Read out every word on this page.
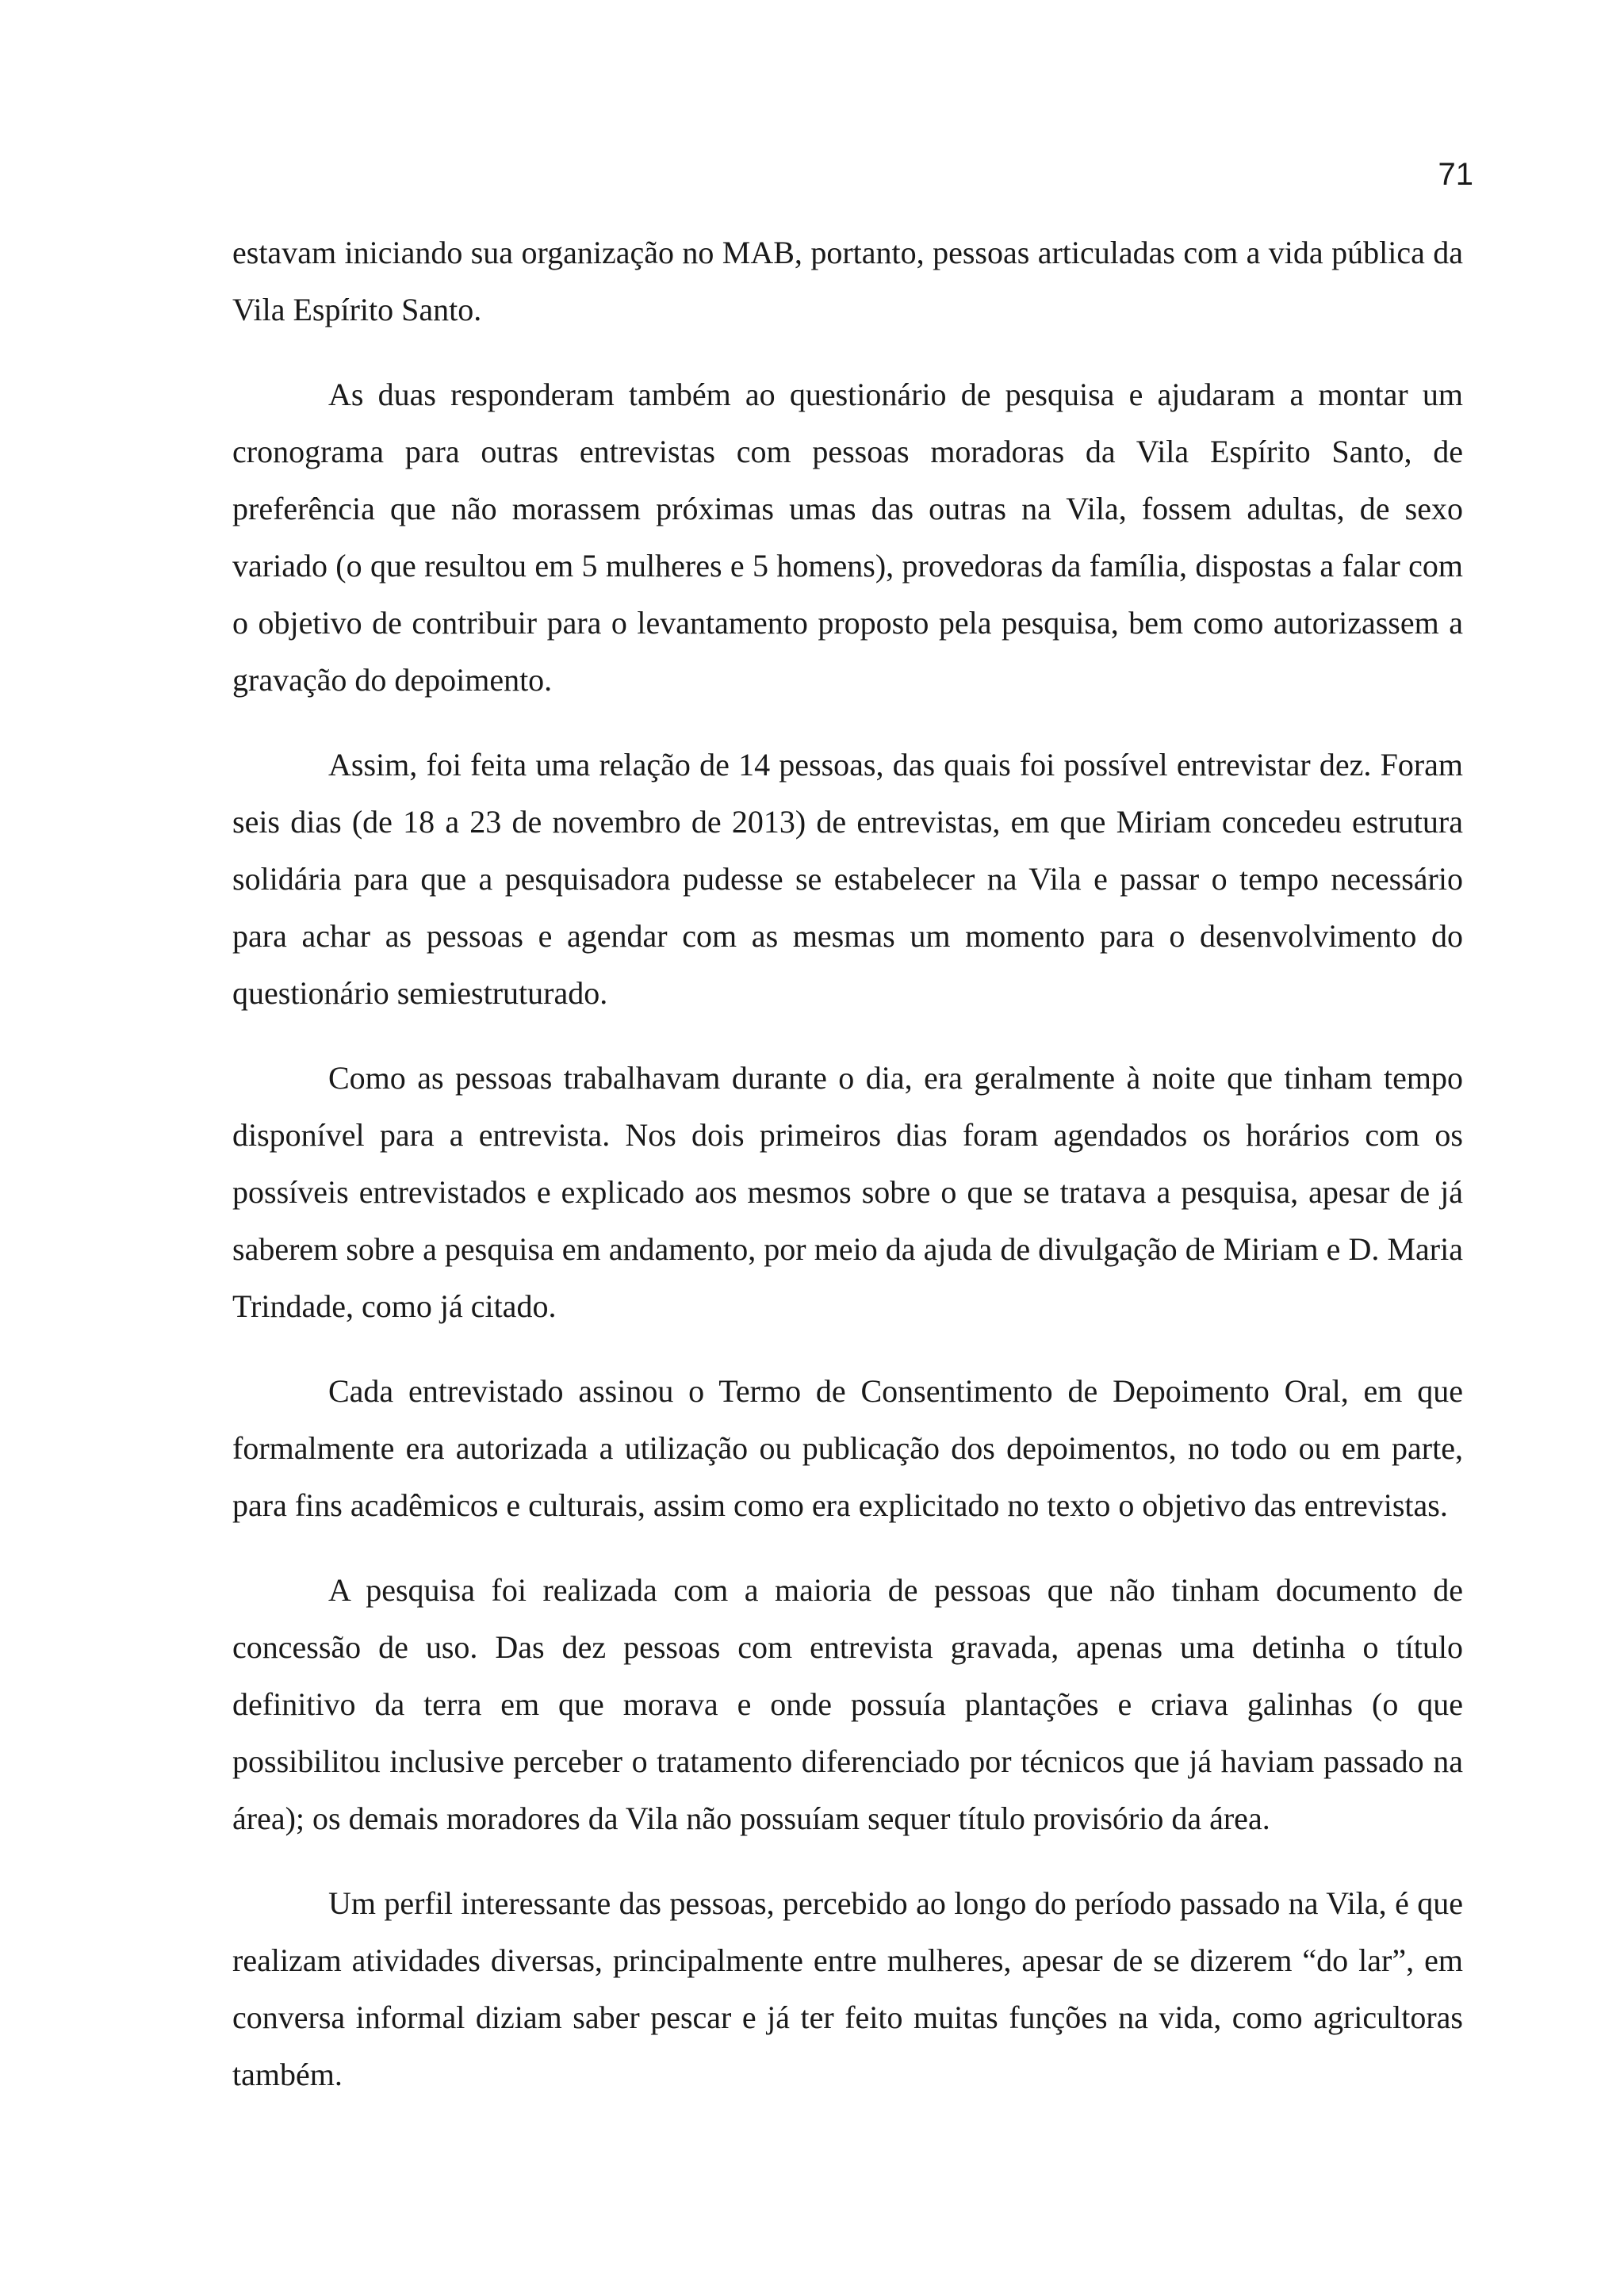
71

estavam iniciando sua organização no MAB, portanto, pessoas articuladas com a vida pública da Vila Espírito Santo.

As duas responderam também ao questionário de pesquisa e ajudaram a montar um cronograma para outras entrevistas com pessoas moradoras da Vila Espírito Santo, de preferência que não morassem próximas umas das outras na Vila, fossem adultas, de sexo variado (o que resultou em 5 mulheres e 5 homens), provedoras da família, dispostas a falar com o objetivo de contribuir para o levantamento proposto pela pesquisa, bem como autorizassem a gravação do depoimento.

Assim, foi feita uma relação de 14 pessoas, das quais foi possível entrevistar dez. Foram seis dias (de 18 a 23 de novembro de 2013) de entrevistas, em que Miriam concedeu estrutura solidária para que a pesquisadora pudesse se estabelecer na Vila e passar o tempo necessário para achar as pessoas e agendar com as mesmas um momento para o desenvolvimento do questionário semiestruturado.

Como as pessoas trabalhavam durante o dia, era geralmente à noite que tinham tempo disponível para a entrevista. Nos dois primeiros dias foram agendados os horários com os possíveis entrevistados e explicado aos mesmos sobre o que se tratava a pesquisa, apesar de já saberem sobre a pesquisa em andamento, por meio da ajuda de divulgação de Miriam e D. Maria Trindade, como já citado.

Cada entrevistado assinou o Termo de Consentimento de Depoimento Oral, em que formalmente era autorizada a utilização ou publicação dos depoimentos, no todo ou em parte, para fins acadêmicos e culturais, assim como era explicitado no texto o objetivo das entrevistas.

A pesquisa foi realizada com a maioria de pessoas que não tinham documento de concessão de uso. Das dez pessoas com entrevista gravada, apenas uma detinha o título definitivo da terra em que morava e onde possuía plantações e criava galinhas (o que possibilitou inclusive perceber o tratamento diferenciado por técnicos que já haviam passado na área); os demais moradores da Vila não possuíam sequer título provisório da área.

Um perfil interessante das pessoas, percebido ao longo do período passado na Vila, é que realizam atividades diversas, principalmente entre mulheres, apesar de se dizerem “do lar”, em conversa informal diziam saber pescar e já ter feito muitas funções na vida, como agricultoras também.
